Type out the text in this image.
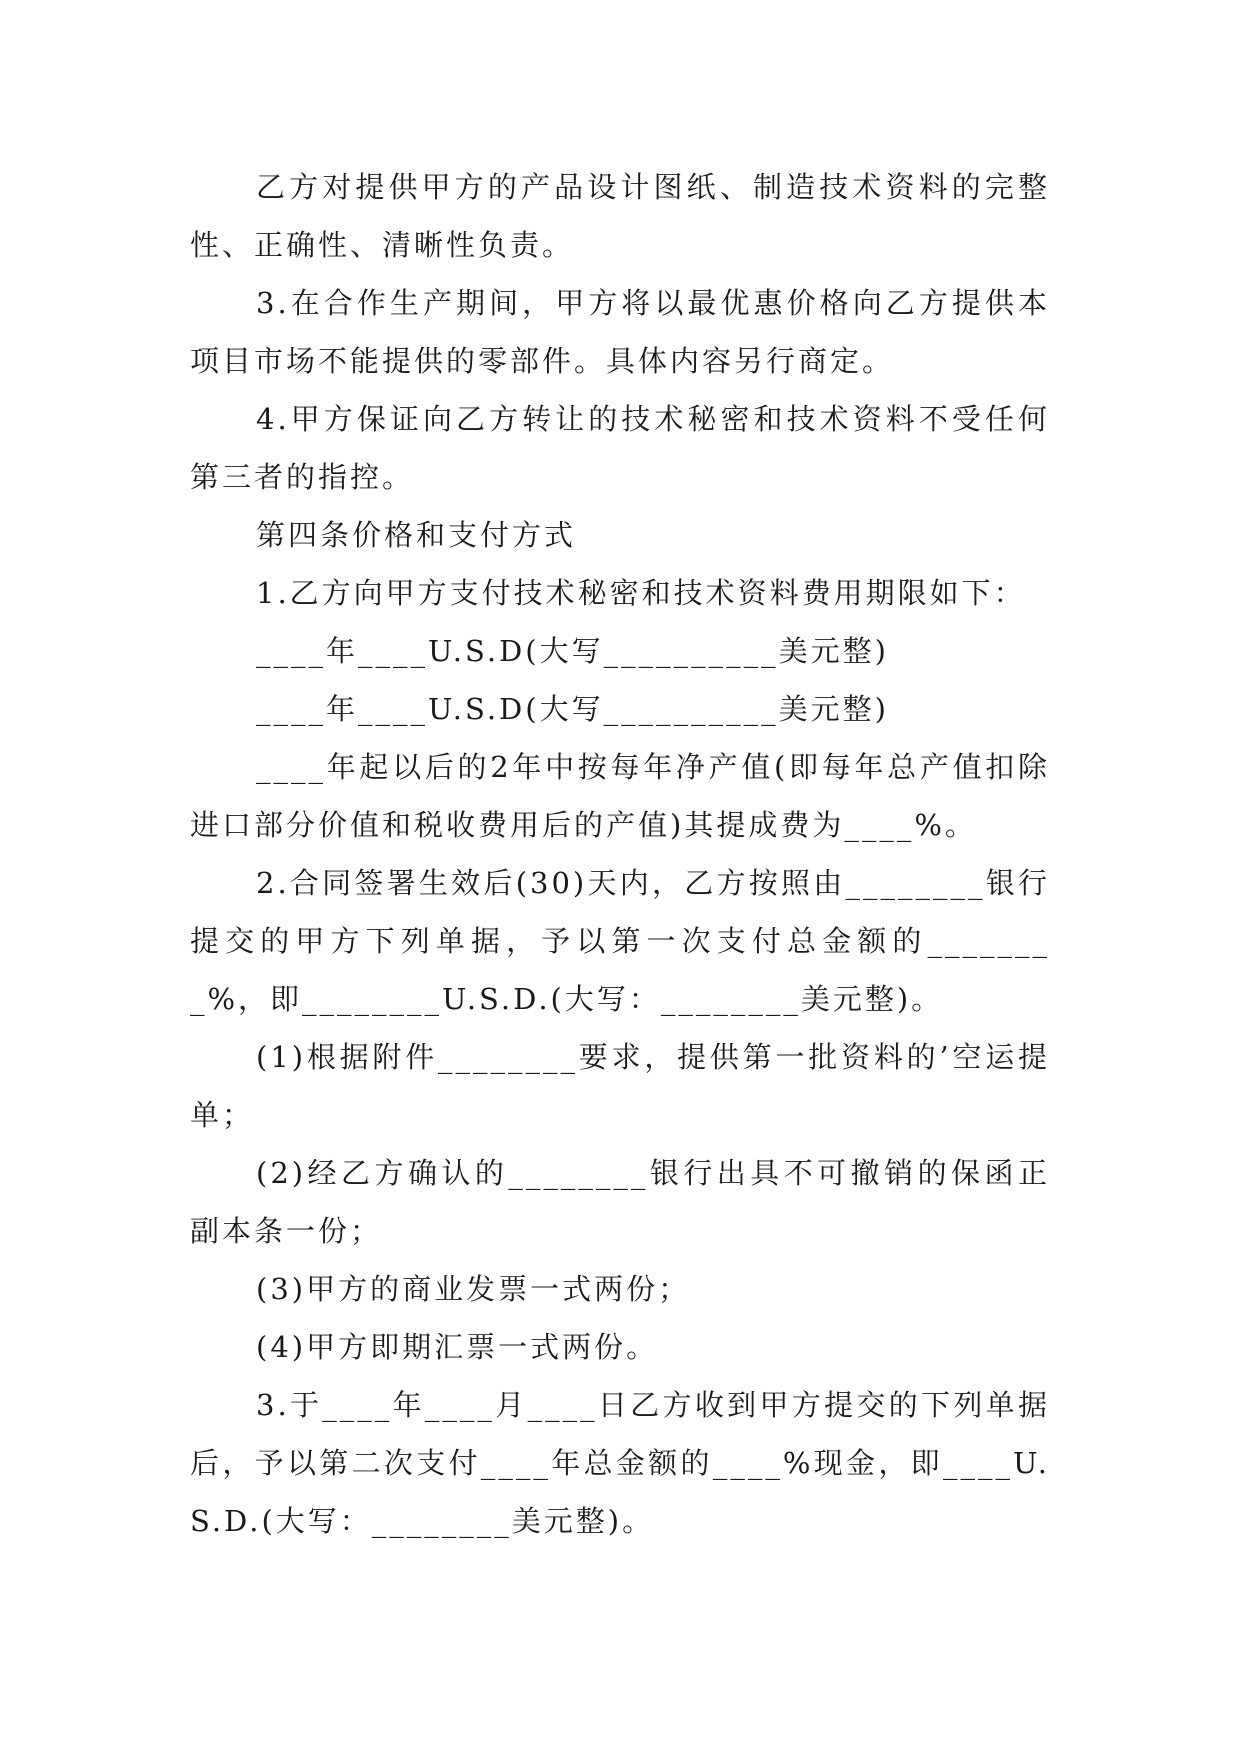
乙方对提供甲方的产品设计图纸、制造技术资料的完整性、正确性、清晰性负责。

3.在合作生产期间，甲方将以最优惠价格向乙方提供本项目市场不能提供的零部件。具体内容另行商定。

4.甲方保证向乙方转让的技术秘密和技术资料不受任何第三者的指控。

第四条价格和支付方式

1.乙方向甲方支付技术秘密和技术资料费用期限如下：

____年____U.S.D(大写__________美元整)

____年____U.S.D(大写__________美元整)

____年起以后的2年中按每年净产值(即每年总产值扣除进口部分价值和税收费用后的产值)其提成费为____%。

2.合同签署生效后(30)天内，乙方按照由________银行提交的甲方下列单据，予以第一次支付总金额的________%，即________U.S.D.(大写：________美元整)。

(1)根据附件________要求，提供第一批资料的’空运提单；

(2)经乙方确认的________银行出具不可撤销的保函正副本条一份；

(3)甲方的商业发票一式两份；

(4)甲方即期汇票一式两份。

3.于____年____月____日乙方收到甲方提交的下列单据后，予以第二次支付____年总金额的____%现金，即____U.S.D.(大写：________美元整)。
